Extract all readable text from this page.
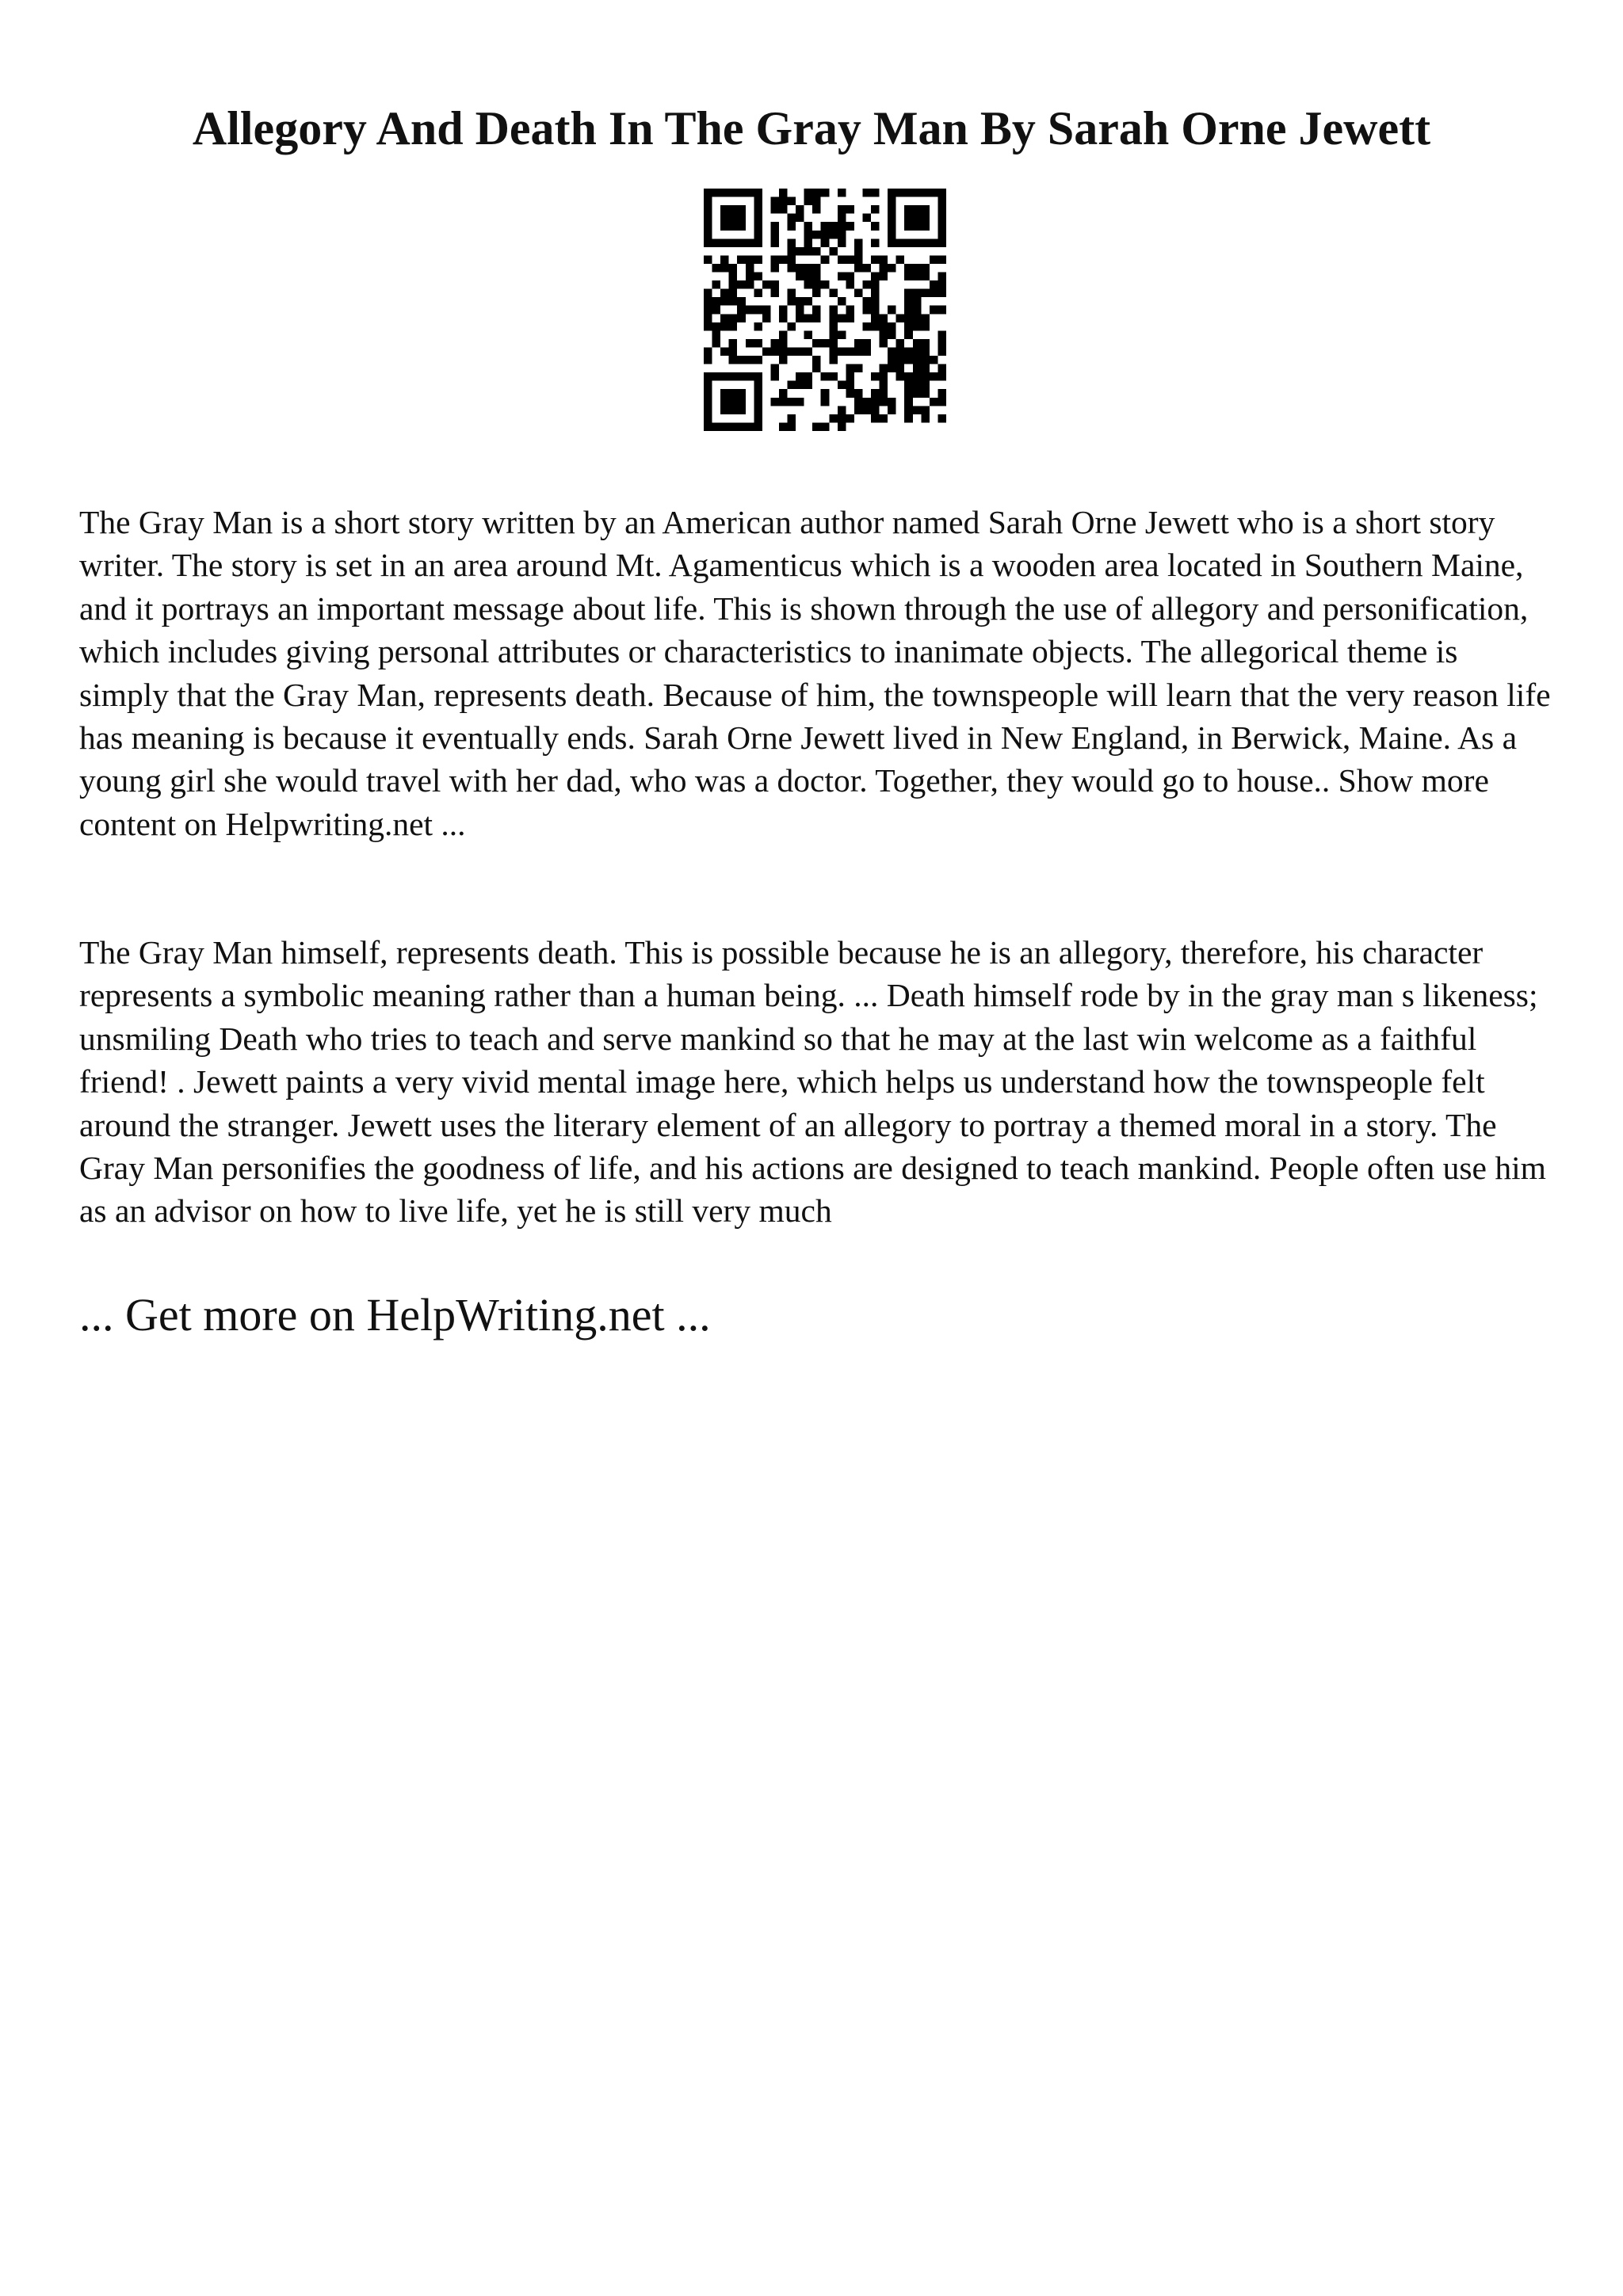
Allegory And Death In The Gray Man By Sarah Orne Jewett

The Gray Man is a short story written by an American author named Sarah Orne Jewett who is a short story writer. The story is set in an area around Mt. Agamenticus which is a wooden area located in Southern Maine, and it portrays an important message about life. This is shown through the use of allegory and personification, which includes giving personal attributes or characteristics to inanimate objects. The allegorical theme is simply that the Gray Man, represents death. Because of him, the townspeople will learn that the very reason life has meaning is because it eventually ends. Sarah Orne Jewett lived in New England, in Berwick, Maine. As a young girl she would travel with her dad, who was a doctor. Together, they would go to house.. Show more content on Helpwriting.net ...

The Gray Man himself, represents death. This is possible because he is an allegory, therefore, his character represents a symbolic meaning rather than a human being. ... Death himself rode by in the gray man s likeness; unsmiling Death who tries to teach and serve mankind so that he may at the last win welcome as a faithful friend! . Jewett paints a very vivid mental image here, which helps us understand how the townspeople felt around the stranger. Jewett uses the literary element of an allegory to portray a themed moral in a story. The Gray Man personifies the goodness of life, and his actions are designed to teach mankind. People often use him as an advisor on how to live life, yet he is still very much

... Get more on HelpWriting.net ...
